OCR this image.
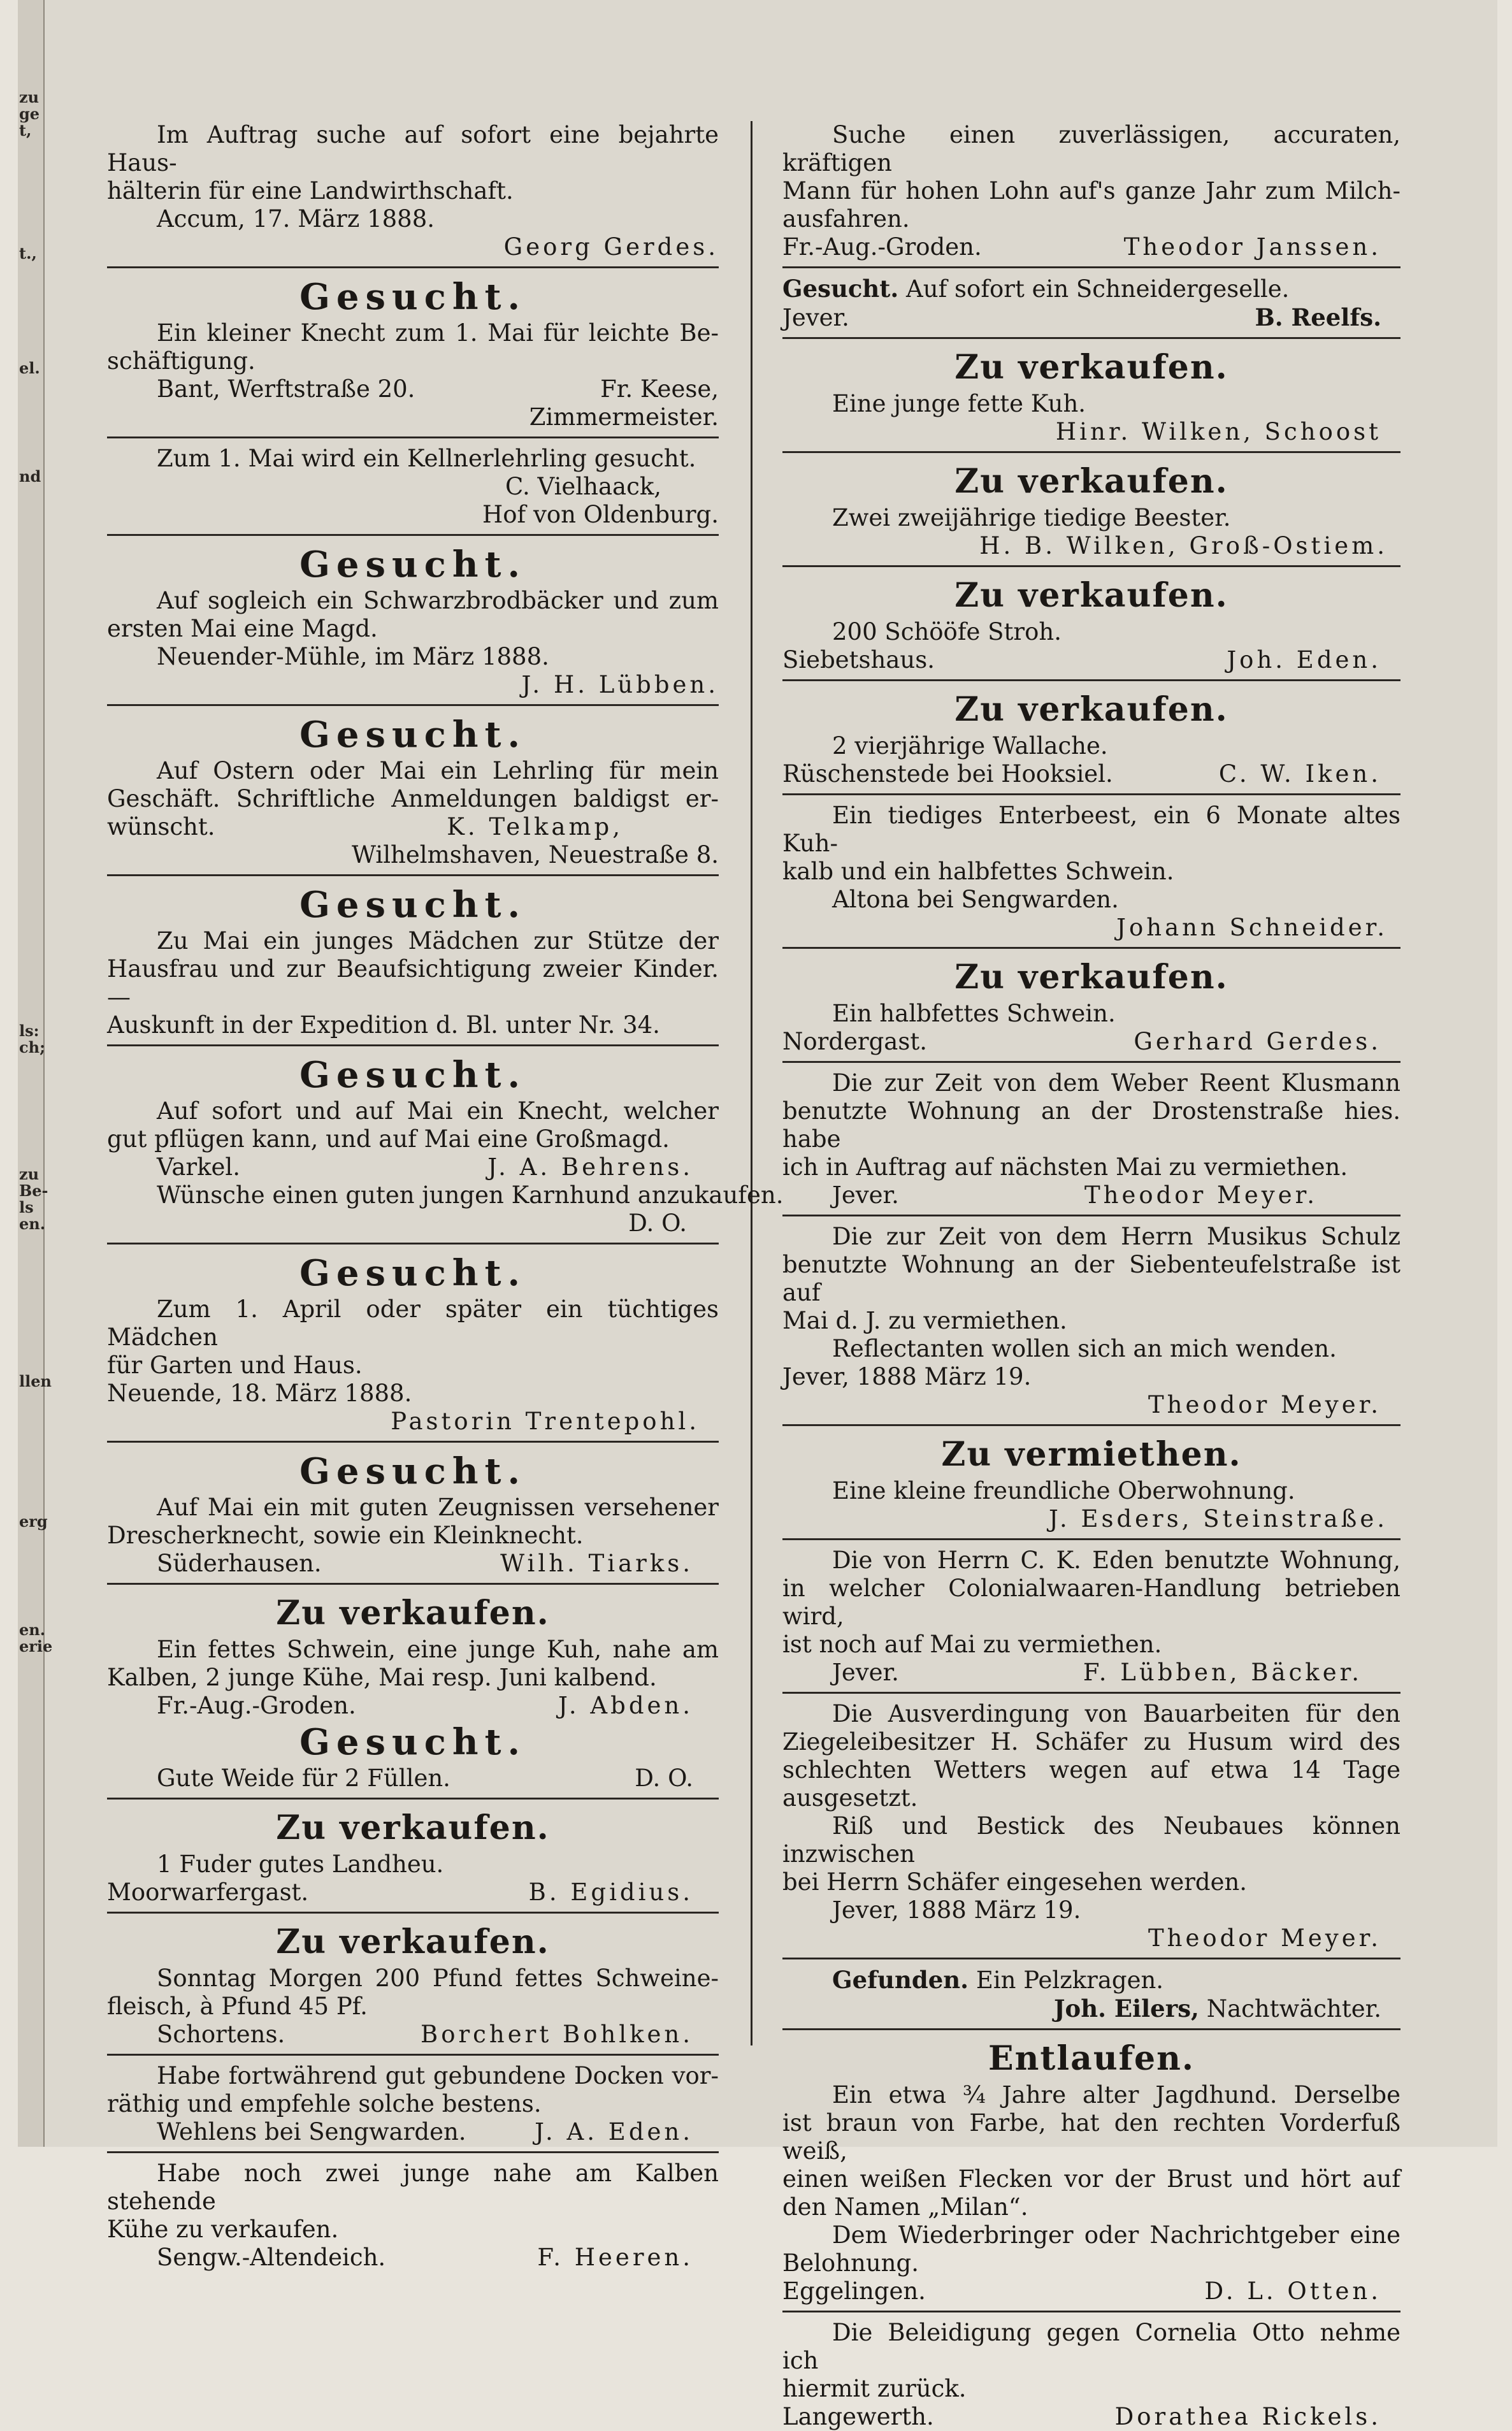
zu
ge
t,
t.,
el.
nd
ls:
ch;
zu
Be-
ls
en.
llen
erg
en.
erie
Im Auftrag suche auf sofort eine bejahrte Haus-
hälterin für eine Landwirthschaft.
Accum, 17. März 1888.
Georg Gerdes.
Gesucht.
Ein kleiner Knecht zum 1. Mai für leichte Be-
schäftigung.
Bant, Werftstraße 20.	Fr. Keese,
Zimmermeister.
Zum 1. Mai wird ein Kellnerlehrling gesucht.
C. Vielhaack,
Hof von Oldenburg.
Gesucht.
Auf sogleich ein Schwarzbrodbäcker und zum
ersten Mai eine Magd.
Neuender-Mühle, im März 1888.
J. H. Lübben.
Gesucht.
Auf Ostern oder Mai ein Lehrling für mein
Geschäft. Schriftliche Anmeldungen baldigst er-
wünscht.	K. Telkamp,
Wilhelmshaven, Neuestraße 8.
Gesucht.
Zu Mai ein junges Mädchen zur Stütze der
Hausfrau und zur Beaufsichtigung zweier Kinder. —
Auskunft in der Expedition d. Bl. unter Nr. 34.
Gesucht.
Auf sofort und auf Mai ein Knecht, welcher
gut pflügen kann, und auf Mai eine Großmagd.
Varkel.	J. A. Behrens.
Wünsche einen guten jungen Karnhund anzukaufen.
D. O.
Gesucht.
Zum 1. April oder später ein tüchtiges Mädchen
für Garten und Haus.
Neuende, 18. März 1888.
Pastorin Trentepohl.
Gesucht.
Auf Mai ein mit guten Zeugnissen versehener
Drescherknecht, sowie ein Kleinknecht.
Süderhausen.	Wilh. Tiarks.
Zu verkaufen.
Ein fettes Schwein, eine junge Kuh, nahe am
Kalben, 2 junge Kühe, Mai resp. Juni kalbend.
Fr.-Aug.-Groden.	J. Abden.
Gesucht.
Gute Weide für 2 Füllen.	D. O.
Zu verkaufen.
1 Fuder gutes Landheu.
Moorwarfergast.	B. Egidius.
Zu verkaufen.
Sonntag Morgen 200 Pfund fettes Schweine-
fleisch, à Pfund 45 Pf.
Schortens.	Borchert Bohlken.
Habe fortwährend gut gebundene Docken vor-
räthig und empfehle solche bestens.
Wehlens bei Sengwarden.	J. A. Eden.
Habe noch zwei junge nahe am Kalben stehende
Kühe zu verkaufen.
Sengw.-Altendeich.	F. Heeren.
Suche einen zuverlässigen, accuraten, kräftigen
Mann für hohen Lohn auf's ganze Jahr zum Milch-
ausfahren.
Fr.-Aug.-Groden.	Theodor Janssen.
Gesucht. Auf sofort ein Schneidergeselle.
Jever.	B. Reelfs.
Zu verkaufen.
Eine junge fette Kuh.
Hinr. Wilken, Schoost
Zu verkaufen.
Zwei zweijährige tiedige Beester.
H. B. Wilken, Groß-Ostiem.
Zu verkaufen.
200 Schööfe Stroh.
Siebetshaus.	Joh. Eden.
Zu verkaufen.
2 vierjährige Wallache.
Rüschenstede bei Hooksiel.	C. W. Iken.
Ein tiediges Enterbeest, ein 6 Monate altes Kuh-
kalb und ein halbfettes Schwein.
Altona bei Sengwarden.
Johann Schneider.
Zu verkaufen.
Ein halbfettes Schwein.
Nordergast.	Gerhard Gerdes.
Die zur Zeit von dem Weber Reent Klusmann
benutzte Wohnung an der Drostenstraße hies. habe
ich in Auftrag auf nächsten Mai zu vermiethen.
Jever.	Theodor Meyer.
Die zur Zeit von dem Herrn Musikus Schulz
benutzte Wohnung an der Siebenteufelstraße ist auf
Mai d. J. zu vermiethen.
Reflectanten wollen sich an mich wenden.
Jever, 1888 März 19.
Theodor Meyer.
Zu vermiethen.
Eine kleine freundliche Oberwohnung.
J. Esders, Steinstraße.
Die von Herrn C. K. Eden benutzte Wohnung,
in welcher Colonialwaaren-Handlung betrieben wird,
ist noch auf Mai zu vermiethen.
Jever.	F. Lübben, Bäcker.
Die Ausverdingung von Bauarbeiten für den
Ziegeleibesitzer H. Schäfer zu Husum wird des
schlechten Wetters wegen auf etwa 14 Tage ausgesetzt.
Riß und Bestick des Neubaues können inzwischen
bei Herrn Schäfer eingesehen werden.
Jever, 1888 März 19.
Theodor Meyer.
Gefunden. Ein Pelzkragen.
Joh. Eilers, Nachtwächter.
Entlaufen.
Ein etwa ¾ Jahre alter Jagdhund. Derselbe
ist braun von Farbe, hat den rechten Vorderfuß weiß,
einen weißen Flecken vor der Brust und hört auf
den Namen „Milan“.
Dem Wiederbringer oder Nachrichtgeber eine
Belohnung.
Eggelingen.	D. L. Otten.
Die Beleidigung gegen Cornelia Otto nehme ich
hiermit zurück.
Langewerth.	Dorathea Rickels.
